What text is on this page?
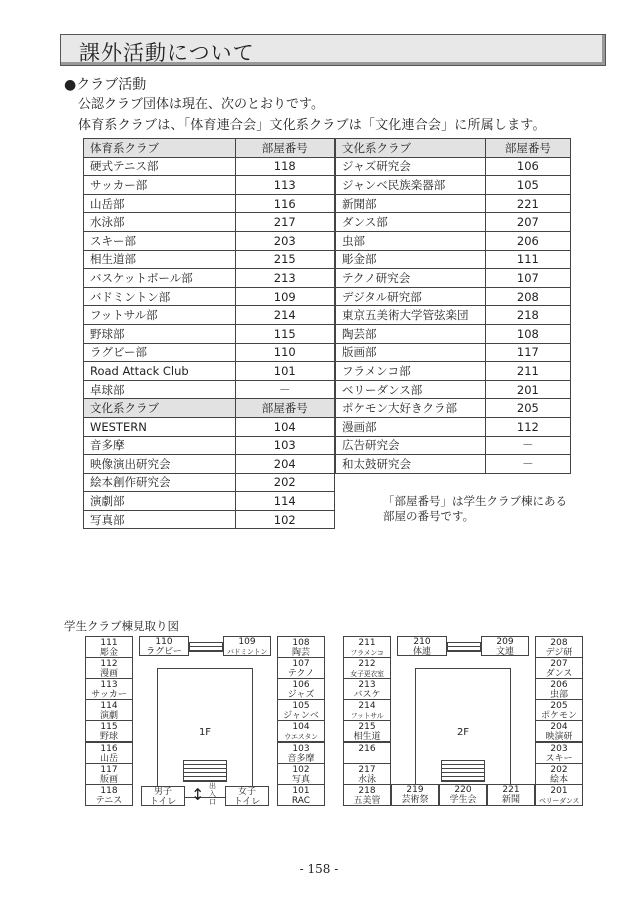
課外活動について
●クラブ活動
公認クラブ団体は現在、次のとおりです。
体育系クラブは、「体育連合会」文化系クラブは「文化連合会」に所属します。
体育系クラブ	部屋番号
硬式テニス部	118
サッカー部	113
山岳部	116
水泳部	217
スキー部	203
相生道部	215
バスケットボール部	213
バドミントン部	109
フットサル部	214
野球部	115
ラグビー部	110
Road Attack Club	101
卓球部	－
文化系クラブ	部屋番号
WESTERN	104
音多摩	103
映像演出研究会	204
絵本創作研究会	202
演劇部	114
写真部	102
文化系クラブ	部屋番号
ジャズ研究会	106
ジャンベ民族楽器部	105
新聞部	221
ダンス部	207
虫部	206
彫金部	111
テクノ研究会	107
デジタル研究部	208
東京五美術大学管弦楽団	218
陶芸部	108
版画部	117
フラメンコ部	211
ベリーダンス部	201
ポケモン大好きクラ部	205
漫画部	112
広告研究会	－
和太鼓研究会	－
「部屋番号」は学生クラブ棟にある
部屋の番号です。
学生クラブ棟見取り図
111
彫金
112
漫画
113
サッカー
114
演劇
115
野球
116
山岳
117
版画
118
テニス
108
陶芸
107
テクノ
106
ジャズ
105
ジャンベ
104
ウエスタン
103
音多摩
102
写真
101
RAC
110
ラグビー
109
バドミントン
1F
男子
トイレ
女子
トイレ
↕ 出入口
211
フラメンコ
212
女子更衣室
213
バスケ
214
フットサル
215
相生道
216
217
水泳
218
五美管
208
デジ研
207
ダンス
206
虫部
205
ポケモン
204
映演研
203
スキー
202
絵本
201
ベリーダンス
210
体連
209
文連
2F
219
芸術祭
220
学生会
221
新聞
- 158 -
